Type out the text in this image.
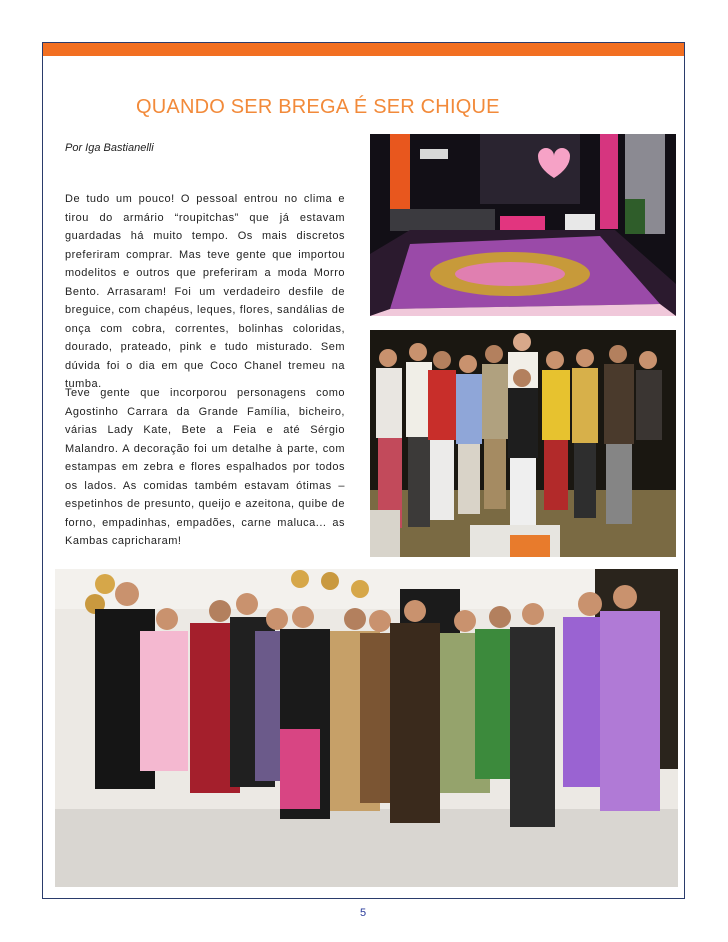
QUANDO SER BREGA É SER CHIQUE
Por Iga Bastianelli

De tudo um pouco! O pessoal entrou no clima e tirou do armário “roupitchas” que já estavam guardadas há muito tempo. Os mais discretos preferiram comprar. Mas teve gente que importou modelitos e outros que preferiram a moda Morro Bento. Arrasaram! Foi um verdadeiro desfile de breguice, com chapéus, leques, flores, sandálias de onça com cobra, correntes, bolinhas coloridas, dourado, prateado, pink e tudo misturado. Sem dúvida foi o dia em que Coco Chanel tremeu na tumba.

Teve gente que incorporou personagens como Agostinho Carrara da Grande Família, bicheiro, várias Lady Kate, Bete a Feia e até Sérgio Malandro. A decoração foi um detalhe à parte, com estampas em zebra e flores espalhados por todos os lados. As comidas também estavam ótimas – espetinhos de presunto, queijo e azeitona, quibe de forno, empadinhas, empadões, carne maluca... as Kambas capricharam!

5
